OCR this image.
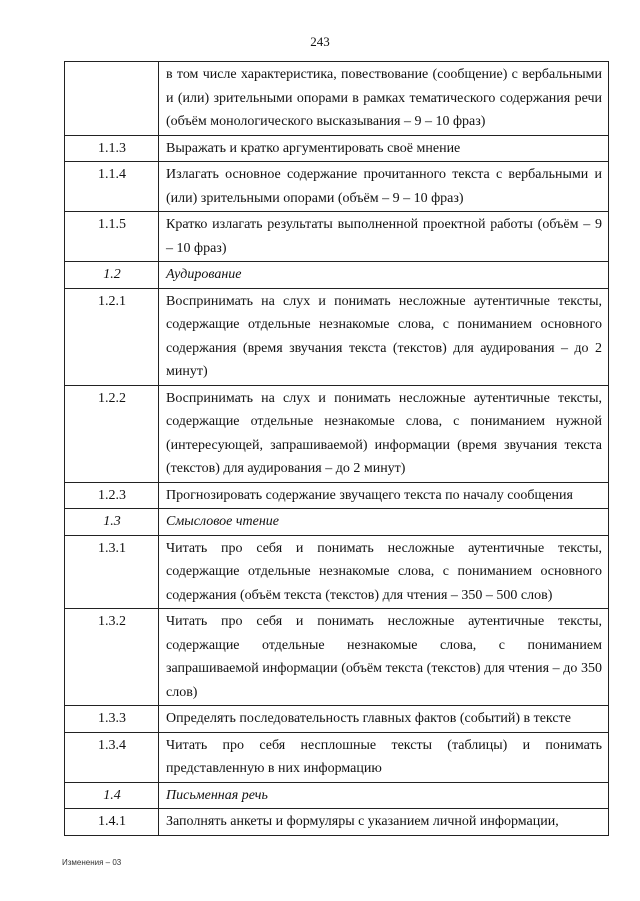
243
	в том числе характеристика, повествование (сообщение) с вербальными и (или) зрительными опорами в рамках тематического содержания речи (объём монологического высказывания – 9 – 10 фраз)
1.1.3	Выражать и кратко аргументировать своё мнение
1.1.4	Излагать основное содержание прочитанного текста с вербальными и (или) зрительными опорами (объём – 9 – 10 фраз)
1.1.5	Кратко излагать результаты выполненной проектной работы (объём – 9 – 10 фраз)
1.2	Аудирование
1.2.1	Воспринимать на слух и понимать несложные аутентичные тексты, содержащие отдельные незнакомые слова, с пониманием основного содержания (время звучания текста (текстов) для аудирования – до 2 минут)
1.2.2	Воспринимать на слух и понимать несложные аутентичные тексты, содержащие отдельные незнакомые слова, с пониманием нужной (интересующей, запрашиваемой) информации (время звучания текста (текстов) для аудирования – до 2 минут)
1.2.3	Прогнозировать содержание звучащего текста по началу сообщения
1.3	Смысловое чтение
1.3.1	Читать про себя и понимать несложные аутентичные тексты, содержащие отдельные незнакомые слова, с пониманием основного содержания (объём текста (текстов) для чтения – 350 – 500 слов)
1.3.2	Читать про себя и понимать несложные аутентичные тексты, содержащие отдельные незнакомые слова, с пониманием запрашиваемой информации (объём текста (текстов) для чтения – до 350 слов)
1.3.3	Определять последовательность главных фактов (событий) в тексте
1.3.4	Читать про себя несплошные тексты (таблицы) и понимать представленную в них информацию
1.4	Письменная речь
1.4.1	Заполнять анкеты и формуляры с указанием личной информации,
Изменения – 03
